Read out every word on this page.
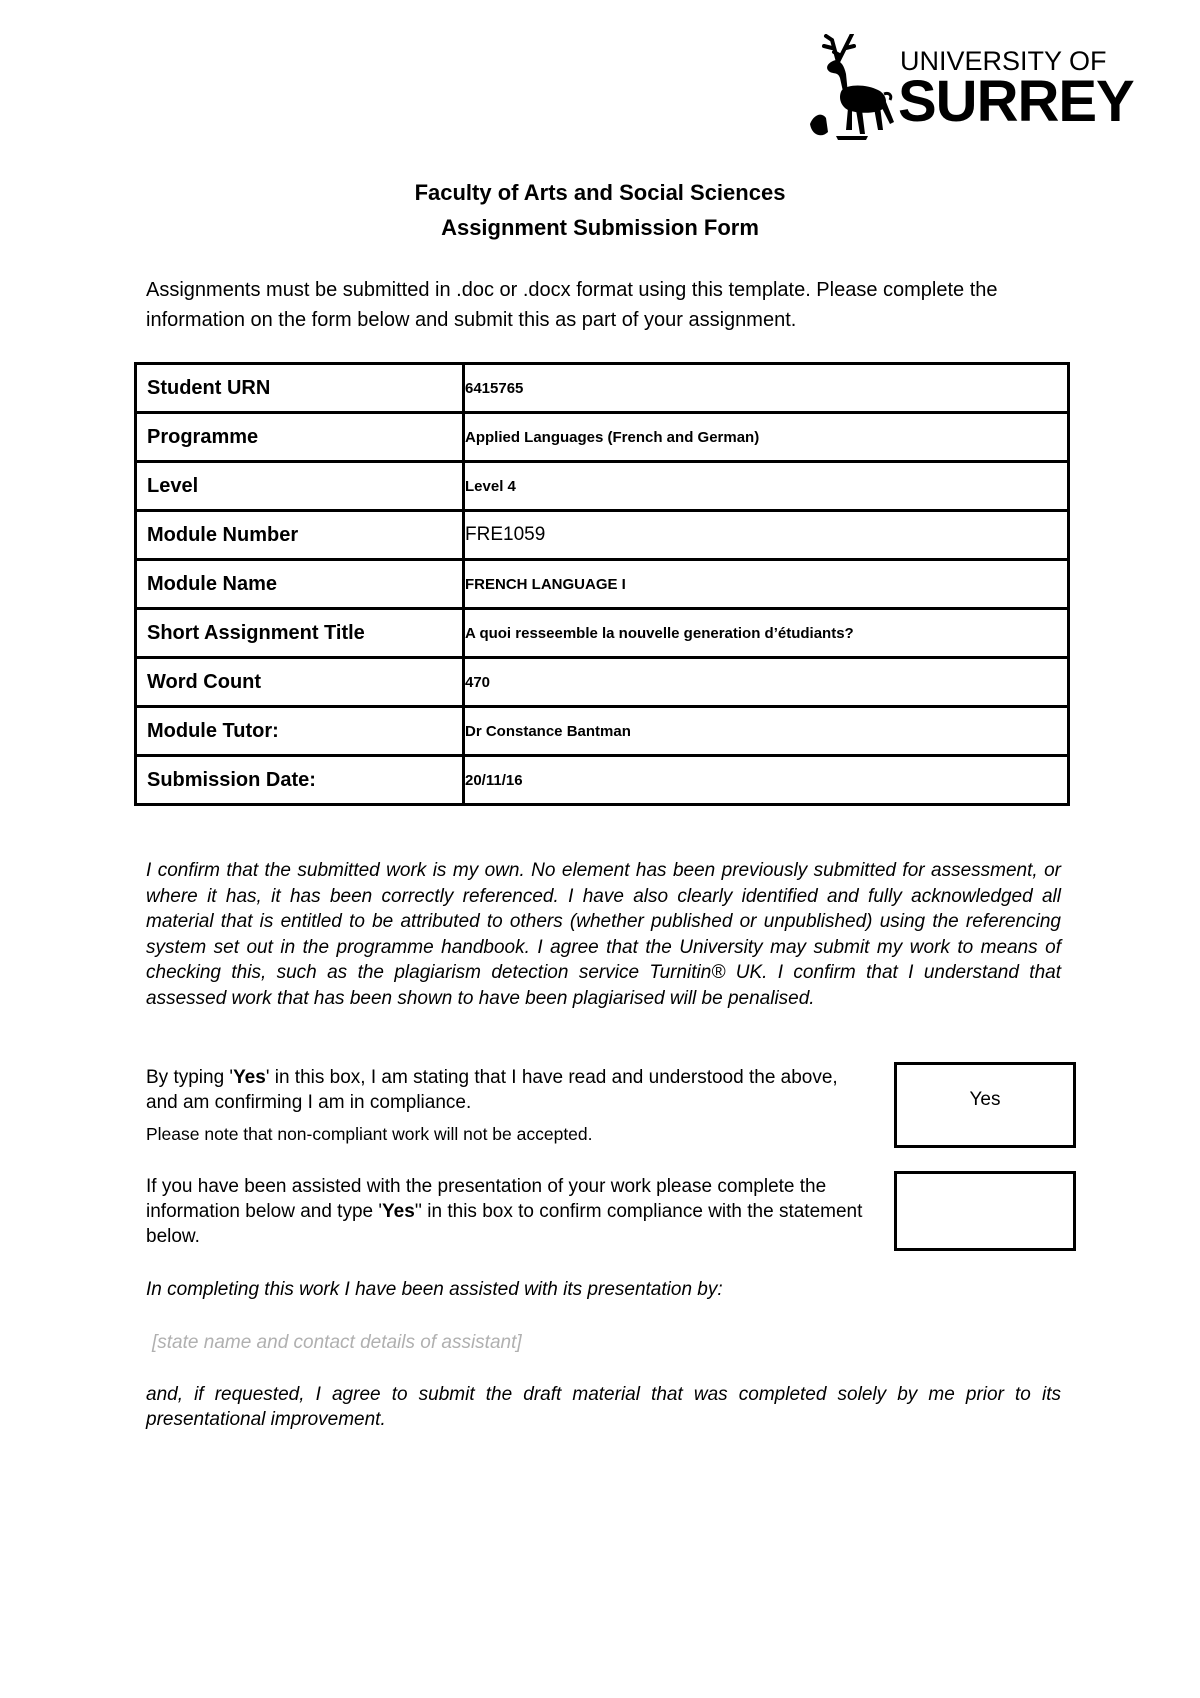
UNIVERSITY OF
SURREY
Faculty of Arts and Social Sciences
Assignment Submission Form
Assignments must be submitted in .doc or .docx format using this template. Please complete the information on the form below and submit this as part of your assignment.
Student URN	6415765
Programme	Applied Languages (French and German)
Level	Level 4
Module Number	FRE1059
Module Name	FRENCH LANGUAGE I
Short Assignment Title	A quoi resseemble la nouvelle generation d’étudiants?
Word Count	470
Module Tutor:	Dr Constance Bantman
Submission Date:	20/11/16
I confirm that the submitted work is my own. No element has been previously submitted for assessment, or where it has, it has been correctly referenced. I have also clearly identified and fully acknowledged all material that is entitled to be attributed to others (whether published or unpublished) using the referencing system set out in the programme handbook. I agree that the University may submit my work to means of checking this, such as the plagiarism detection service Turnitin® UK. I confirm that I understand that assessed work that has been shown to have been plagiarised will be penalised.
By typing 'Yes' in this box, I am stating that I have read and understood the above, and am confirming I am in compliance.
Please note that non-compliant work will not be accepted.
Yes
If you have been assisted with the presentation of your work please complete the information below and type 'Yes'' in this box to confirm compliance with the statement below.
In completing this work I have been assisted with its presentation by:
[state name and contact details of assistant]
and, if requested, I agree to submit the draft material that was completed solely by me prior to its presentational improvement.
